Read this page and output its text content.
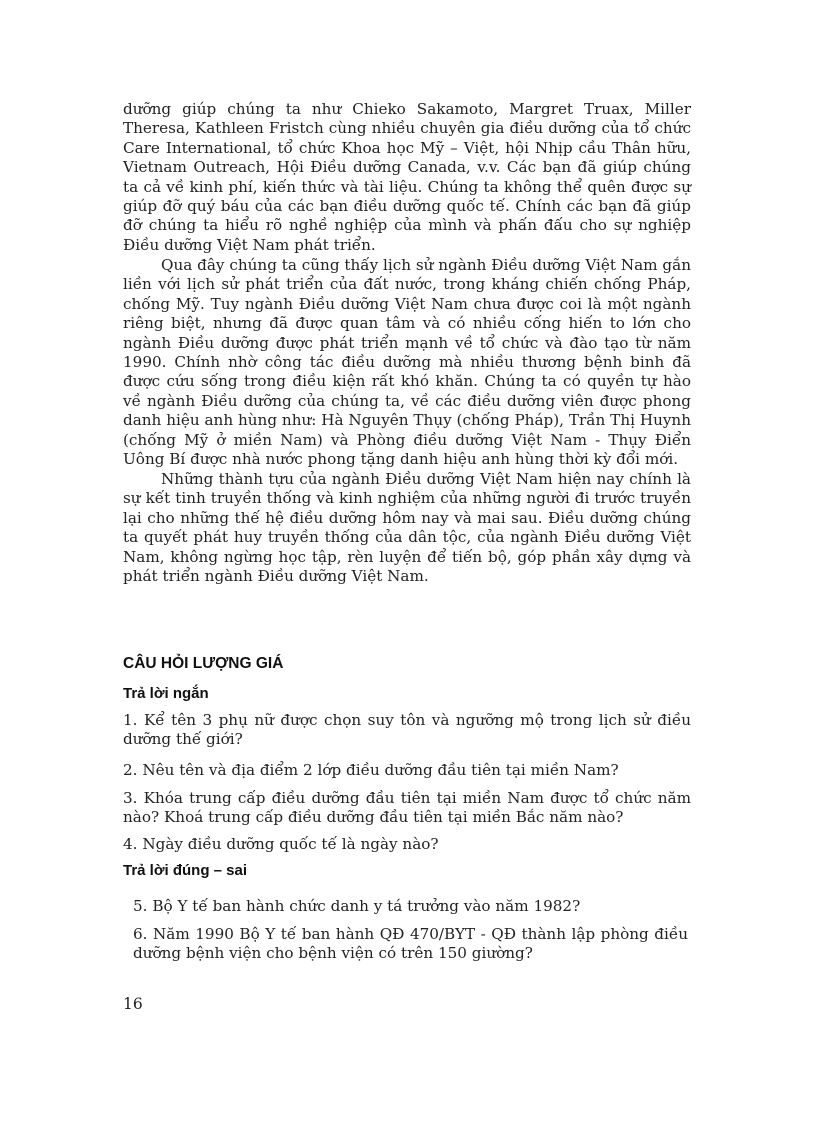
dưỡng giúp chúng ta như Chieko Sakamoto, Margret Truax, Miller Theresa, Kathleen Fristch cùng nhiều chuyên gia điều dưỡng của tổ chức Care International, tổ chức Khoa học Mỹ – Việt, hội Nhịp cầu Thân hữu, Vietnam Outreach, Hội Điều dưỡng Canada, v.v. Các bạn đã giúp chúng ta cả về kinh phí, kiến thức và tài liệu. Chúng ta không thể quên được sự giúp đỡ quý báu của các bạn điều dưỡng quốc tế. Chính các bạn đã giúp đỡ chúng ta hiểu rõ nghề nghiệp của mình và phấn đấu cho sự nghiệp Điều dưỡng Việt Nam phát triển.

Qua đây chúng ta cũng thấy lịch sử ngành Điều dưỡng Việt Nam gắn liền với lịch sử phát triển của đất nước, trong kháng chiến chống Pháp, chống Mỹ. Tuy ngành Điều dưỡng Việt Nam chưa được coi là một ngành riêng biệt, nhưng đã được quan tâm và có nhiều cống hiến to lớn cho ngành Điều dưỡng được phát triển mạnh về tổ chức và đào tạo từ năm 1990. Chính nhờ công tác điều dưỡng mà nhiều thương bệnh binh đã được cứu sống trong điều kiện rất khó khăn. Chúng ta có quyền tự hào về ngành Điều dưỡng của chúng ta, về các điều dưỡng viên được phong danh hiệu anh hùng như: Hà Nguyên Thụy (chống Pháp), Trần Thị Huynh (chống Mỹ ở miền Nam) và Phòng điều dưỡng Việt Nam - Thụy Điển Uông Bí được nhà nước phong tặng danh hiệu anh hùng thời kỳ đổi mới.

Những thành tựu của ngành Điều dưỡng Việt Nam hiện nay chính là sự kết tinh truyền thống và kinh nghiệm của những người đi trước truyền lại cho những thế hệ điều dưỡng hôm nay và mai sau. Điều dưỡng chúng ta quyết phát huy truyền thống của dân tộc, của ngành Điều dưỡng Việt Nam, không ngừng học tập, rèn luyện để tiến bộ, góp phần xây dựng và phát triển ngành Điều dưỡng Việt Nam.

CÂU HỎI LƯỢNG GIÁ
Trả lời ngắn

1. Kể tên 3 phụ nữ được chọn suy tôn và ngưỡng mộ trong lịch sử điều dưỡng thế giới?

2. Nêu tên và địa điểm 2 lớp điều dưỡng đầu tiên tại miền Nam?

3. Khóa trung cấp điều dưỡng đầu tiên tại miền Nam được tổ chức năm nào? Khoá trung cấp điều dưỡng đầu tiên tại miền Bắc năm nào?

4. Ngày điều dưỡng quốc tế là ngày nào?

Trả lời đúng – sai

5. Bộ Y tế ban hành chức danh y tá trưởng vào năm 1982?

6. Năm 1990 Bộ Y tế ban hành QĐ 470/BYT - QĐ thành lập phòng điều dưỡng bệnh viện cho bệnh viện có trên 150 giường?

16
